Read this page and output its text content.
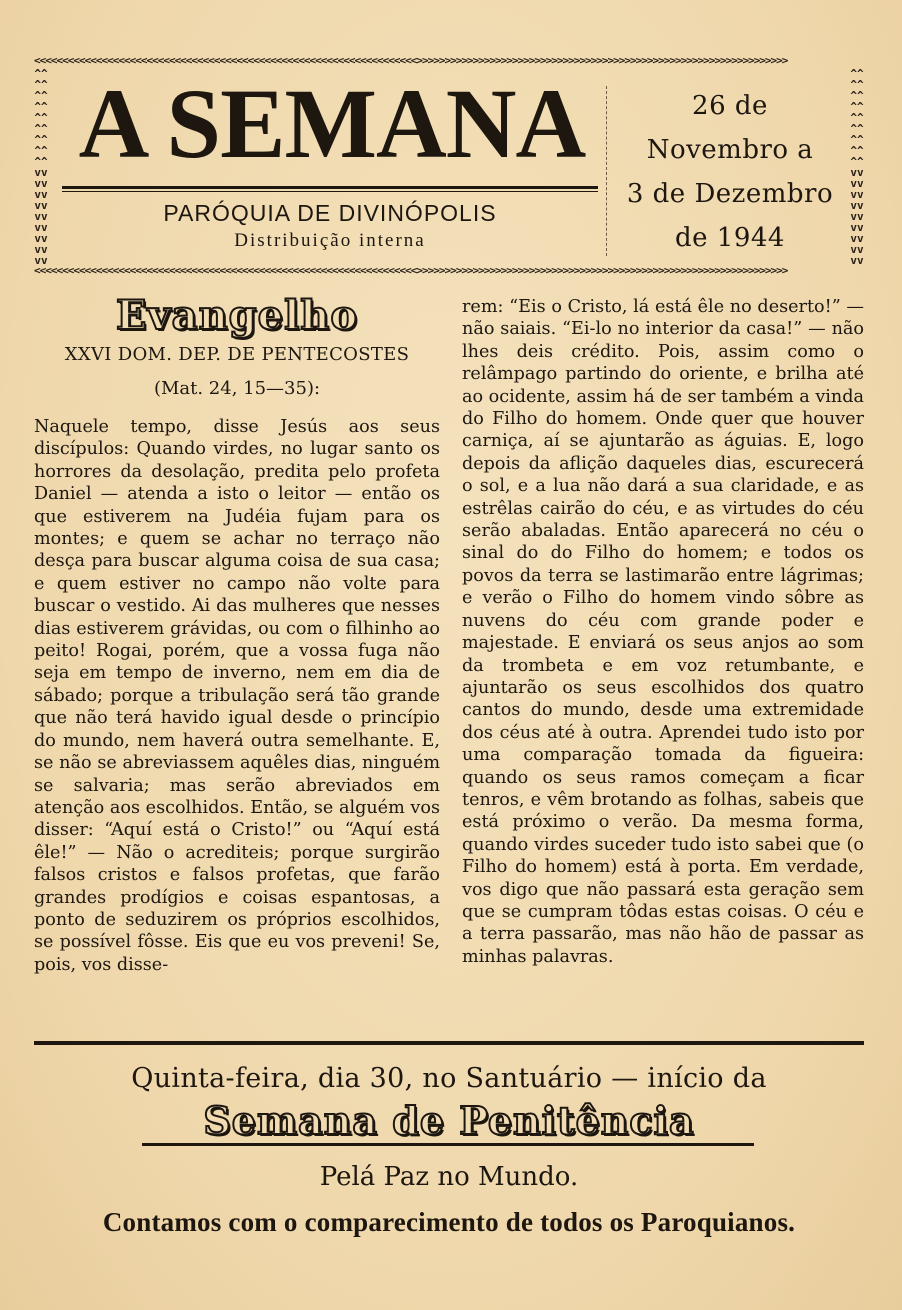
<<<<<<<<<<<<<<<<<<<<<<<<<<<<<<<<<<<<<<<<<<<<<<<<<<<<<<<<<<<<<<<<<<<<>>>>>>>>>>>>>>>>>>>>>>>>>>>>>>>>>>>>>>>>>>>>>>>>>>>>>>>>>>>>>>>>>>
<<<<<<<<<<<<<<<<<<<<<<<<<<<<<<<<<<<<<<<<<<<<<<<<<<<<<<<<<<<<<<<<<<<<>>>>>>>>>>>>>>>>>>>>>>>>>>>>>>>>>>>>>>>>>>>>>>>>>>>>>>>>>>>>>>>>>>
^^^^^^^^^^^^^^^^^^vvvvvvvvvvvvvvvvvv
^^^^^^^^^^^^^^^^^^vvvvvvvvvvvvvvvvvv
A SEMANA
PARÓQUIA DE DIVINÓPOLIS
Distribuição interna
26 de
Novembro a
3 de Dezembro
de 1944
Evangelho
XXVI DOM. DEP. DE PENTECOSTES
(Mat. 24, 15—35):
Naquele tempo, disse Jesús aos seus discípulos: Quando virdes, no lugar santo os horrores da desolação, predita pelo profeta Daniel — atenda a isto o leitor — então os que estiverem na Judéia fujam para os montes; e quem se achar no terraço não desça para buscar alguma coisa de sua casa; e quem estiver no campo não volte para buscar o vestido. Ai das mulheres que nesses dias estiverem grávidas, ou com o filhinho ao peito! Rogai, porém, que a vossa fuga não seja em tempo de inverno, nem em dia de sábado; porque a tribulação será tão grande que não terá havido igual desde o princípio do mundo, nem haverá outra semelhante. E, se não se abreviassem aquêles dias, ninguém se salvaria; mas serão abreviados em atenção aos escolhidos. Então, se alguém vos disser: “Aquí está o Cristo!” ou “Aquí está êle!” — Não o acrediteis; porque surgirão falsos cristos e falsos profetas, que farão grandes prodígios e coisas espantosas, a ponto de seduzirem os próprios escolhidos, se possível fôsse. Eis que eu vos preveni! Se, pois, vos disse-
rem: “Eis o Cristo, lá está êle no deserto!” — não saiais. “Ei-lo no interior da casa!” — não lhes deis crédito. Pois, assim como o relâmpago partindo do oriente, e brilha até ao ocidente, assim há de ser também a vinda do Filho do homem. Onde quer que houver carniça, aí se ajuntarão as águias. E, logo depois da aflição daqueles dias, escurecerá o sol, e a lua não dará a sua claridade, e as estrêlas cairão do céu, e as virtudes do céu serão abaladas. Então aparecerá no céu o sinal do do Filho do homem; e todos os povos da terra se lastimarão entre lágrimas; e verão o Filho do homem vindo sôbre as nuvens do céu com grande poder e majestade. E enviará os seus anjos ao som da trombeta e em voz retumbante, e ajuntarão os seus escolhidos dos quatro cantos do mundo, desde uma extremidade dos céus até à outra. Aprendei tudo isto por uma comparação tomada da figueira: quando os seus ramos começam a ficar tenros, e vêm brotando as folhas, sabeis que está próximo o verão. Da mesma forma, quando virdes suceder tudo isto sabei que (o Filho do homem) está à porta. Em verdade, vos digo que não passará esta geração sem que se cumpram tôdas estas coisas. O céu e a terra passarão, mas não hão de passar as minhas palavras.
Quinta-feira, dia 30, no Santuário — início da
Semana de Penitência
Pelá Paz no Mundo.
Contamos com o comparecimento de todos os Paroquianos.
